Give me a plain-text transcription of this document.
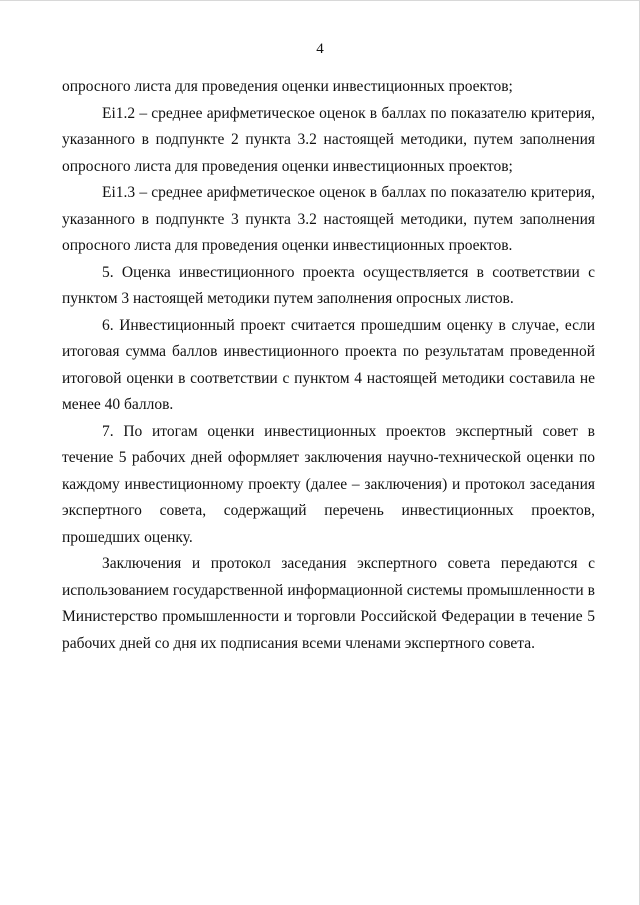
4

опросного листа для проведения оценки инвестиционных проектов;

Ei1.2 – среднее арифметическое оценок в баллах по показателю критерия, указанного в подпункте 2 пункта 3.2 настоящей методики, путем заполнения опросного листа для проведения оценки инвестиционных проектов;

Ei1.3 – среднее арифметическое оценок в баллах по показателю критерия, указанного в подпункте 3 пункта 3.2 настоящей методики, путем заполнения опросного листа для проведения оценки инвестиционных проектов.

5. Оценка инвестиционного проекта осуществляется в соответствии с пунктом 3 настоящей методики путем заполнения опросных листов.

6. Инвестиционный проект считается прошедшим оценку в случае, если итоговая сумма баллов инвестиционного проекта по результатам проведенной итоговой оценки в соответствии с пунктом 4 настоящей методики составила не менее 40 баллов.

7. По итогам оценки инвестиционных проектов экспертный совет в течение 5 рабочих дней оформляет заключения научно-технической оценки по каждому инвестиционному проекту (далее – заключения) и протокол заседания экспертного совета, содержащий перечень инвестиционных проектов, прошедших оценку.

Заключения и протокол заседания экспертного совета передаются с использованием государственной информационной системы промышленности в Министерство промышленности и торговли Российской Федерации в течение 5 рабочих дней со дня их подписания всеми членами экспертного совета.
